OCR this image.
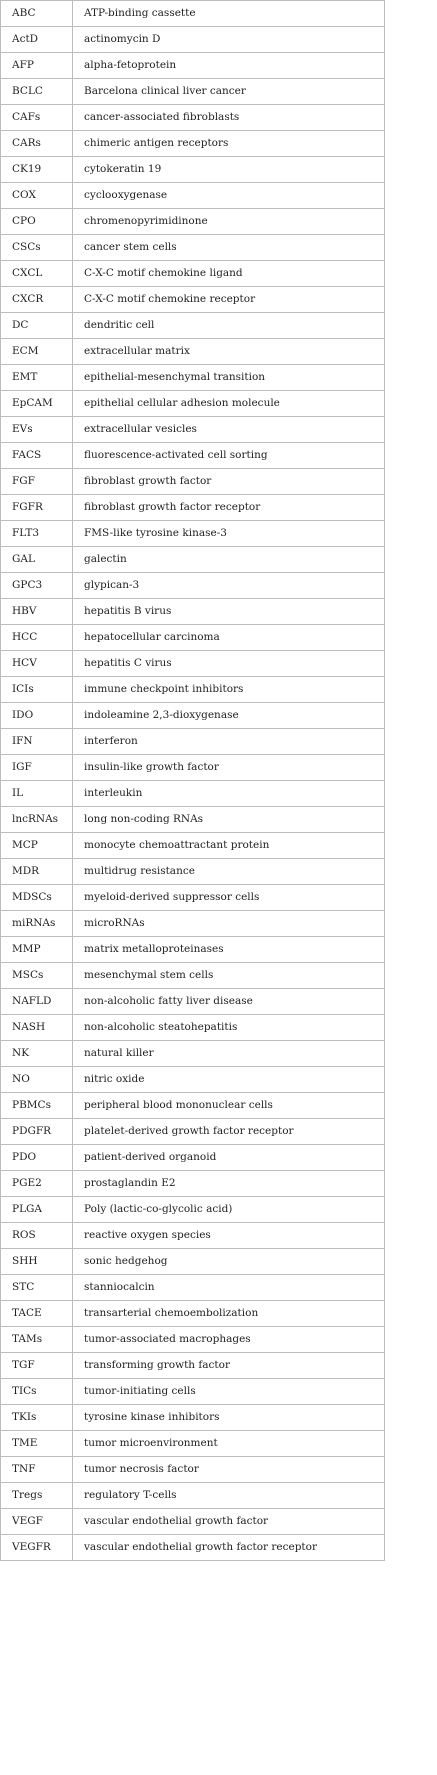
ABC	ATP-binding cassette
ActD	actinomycin D
AFP	alpha-fetoprotein
BCLC	Barcelona clinical liver cancer
CAFs	cancer-associated fibroblasts
CARs	chimeric antigen receptors
CK19	cytokeratin 19
COX	cyclooxygenase
CPO	chromenopyrimidinone
CSCs	cancer stem cells
CXCL	C-X-C motif chemokine ligand
CXCR	C-X-C motif chemokine receptor
DC	dendritic cell
ECM	extracellular matrix
EMT	epithelial-mesenchymal transition
EpCAM	epithelial cellular adhesion molecule
EVs	extracellular vesicles
FACS	fluorescence-activated cell sorting
FGF	fibroblast growth factor
FGFR	fibroblast growth factor receptor
FLT3	FMS-like tyrosine kinase-3
GAL	galectin
GPC3	glypican-3
HBV	hepatitis B virus
HCC	hepatocellular carcinoma
HCV	hepatitis C virus
ICIs	immune checkpoint inhibitors
IDO	indoleamine 2,3-dioxygenase
IFN	interferon
IGF	insulin-like growth factor
IL	interleukin
lncRNAs	long non-coding RNAs
MCP	monocyte chemoattractant protein
MDR	multidrug resistance
MDSCs	myeloid-derived suppressor cells
miRNAs	microRNAs
MMP	matrix metalloproteinases
MSCs	mesenchymal stem cells
NAFLD	non-alcoholic fatty liver disease
NASH	non-alcoholic steatohepatitis
NK	natural killer
NO	nitric oxide
PBMCs	peripheral blood mononuclear cells
PDGFR	platelet-derived growth factor receptor
PDO	patient-derived organoid
PGE2	prostaglandin E2
PLGA	Poly (lactic-co-glycolic acid)
ROS	reactive oxygen species
SHH	sonic hedgehog
STC	stanniocalcin
TACE	transarterial chemoembolization
TAMs	tumor-associated macrophages
TGF	transforming growth factor
TICs	tumor-initiating cells
TKIs	tyrosine kinase inhibitors
TME	tumor microenvironment
TNF	tumor necrosis factor
Tregs	regulatory T-cells
VEGF	vascular endothelial growth factor
VEGFR	vascular endothelial growth factor receptor
